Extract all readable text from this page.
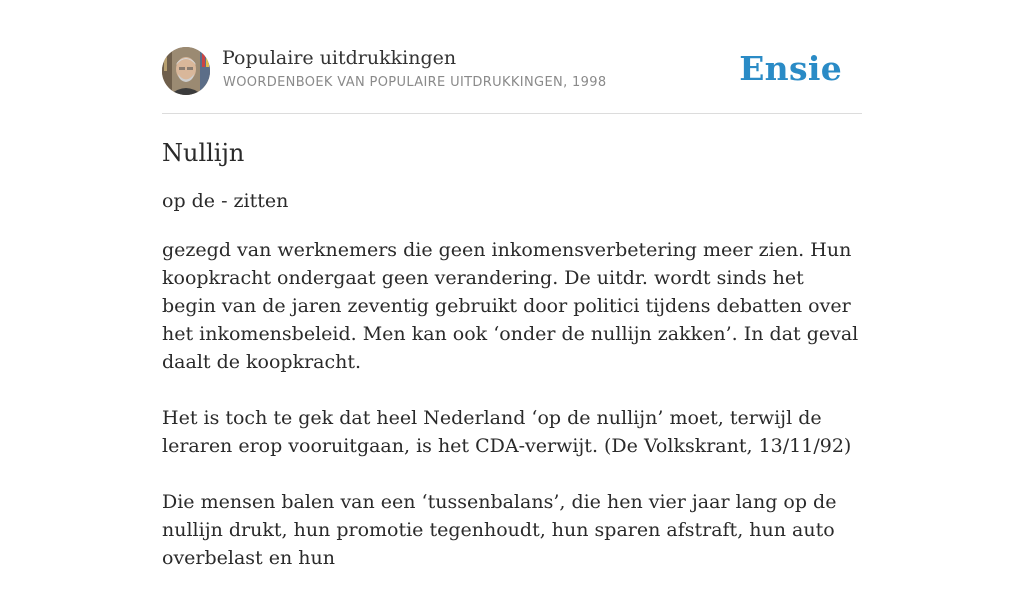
Populaire uitdrukkingen
WOORDENBOEK VAN POPULAIRE UITDRUKKINGEN, 1998	Ensie
Nullijn
op de - zitten

gezegd van werknemers die geen inkomensverbetering meer zien. Hun koopkracht ondergaat geen verandering. De uitdr. wordt sinds het begin van de jaren zeventig gebruikt door politici tijdens debatten over het inkomensbeleid. Men kan ook ‘onder de nullijn zakken’. In dat geval daalt de koopkracht.

Het is toch te gek dat heel Nederland ‘op de nullijn’ moet, terwijl de leraren erop vooruitgaan, is het CDA-verwijt. (De Volkskrant, 13/11/92)

Die mensen balen van een ‘tussenbalans’, die hen vier jaar lang op de nullijn drukt, hun promotie tegenhoudt, hun sparen afstraft, hun auto overbelast en hun
